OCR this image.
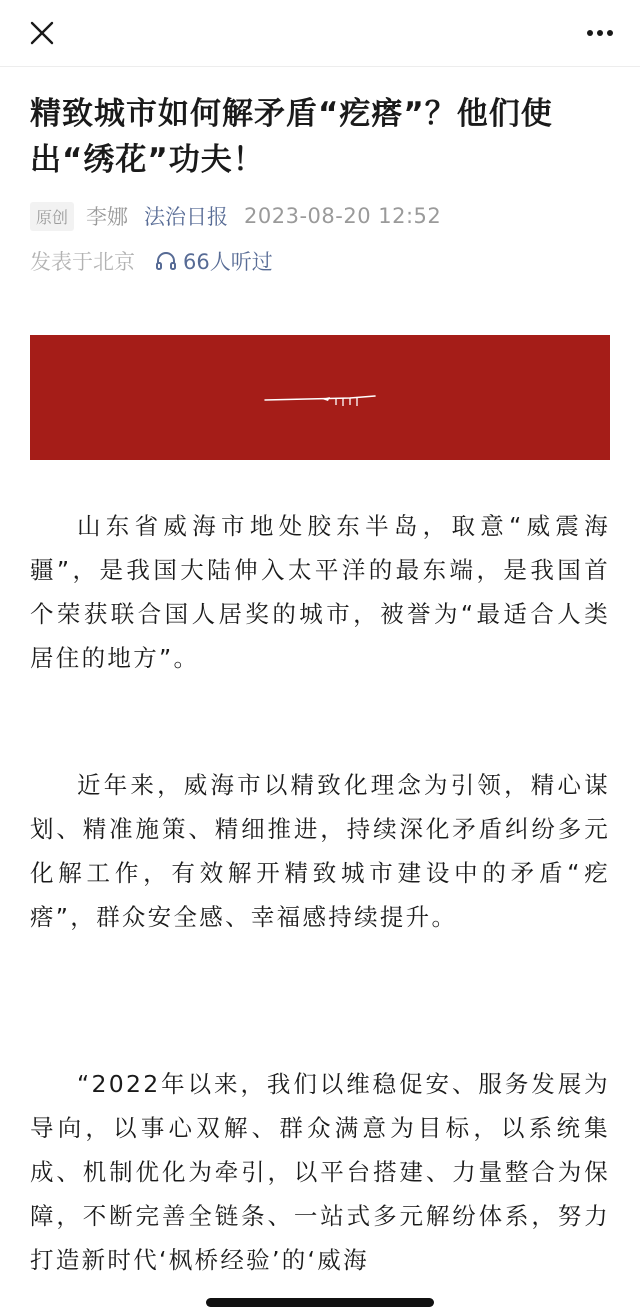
精致城市如何解矛盾“疙瘩”？他们使出“绣花”功夫！
原创 李娜 法治日报 2023-08-20 12:52
发表于北京 66人听过

山东省威海市地处胶东半岛，取意“威震海疆”，是我国大陆伸入太平洋的最东端，是我国首个荣获联合国人居奖的城市，被誉为“最适合人类居住的地方”。

近年来，威海市以精致化理念为引领，精心谋划、精准施策、精细推进，持续深化矛盾纠纷多元化解工作，有效解开精致城市建设中的矛盾“疙瘩”，群众安全感、幸福感持续提升。

“2022年以来，我们以维稳促安、服务发展为导向，以事心双解、群众满意为目标，以系统集成、机制优化为牵引，以平台搭建、力量整合为保障，不断完善全链条、一站式多元解纷体系，努力打造新时代‘枫桥经验’的‘威海
